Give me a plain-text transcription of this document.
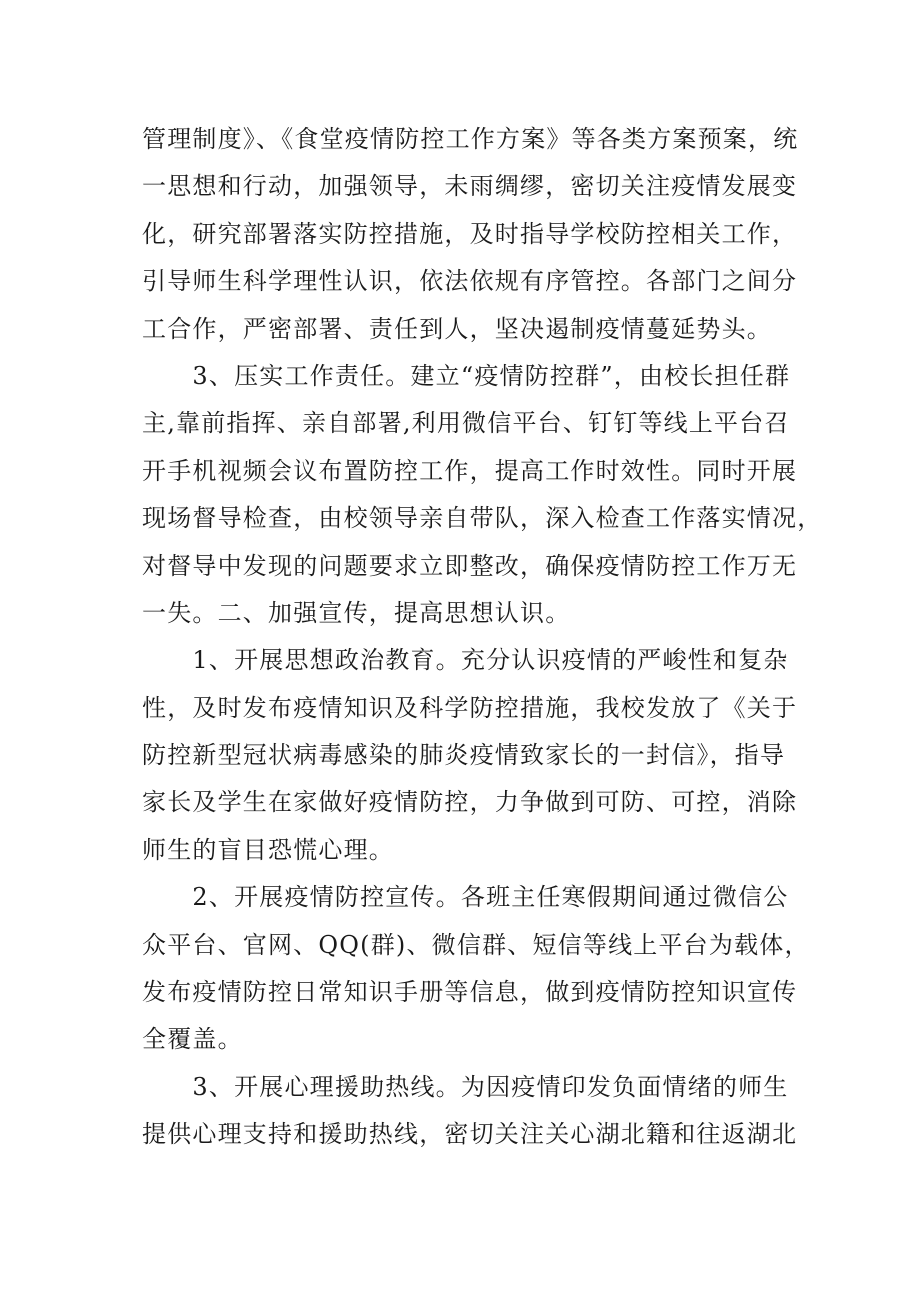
管理制度》、《食堂疫情防控工作方案》等各类方案预案，统
一思想和行动，加强领导，未雨绸缪，密切关注疫情发展变
化，研究部署落实防控措施，及时指导学校防控相关工作，
引导师生科学理性认识，依法依规有序管控。各部门之间分
工合作，严密部署、责任到人，坚决遏制疫情蔓延势头。
　　3、压实工作责任。建立“疫情防控群”，由校长担任群
主,靠前指挥、亲自部署,利用微信平台、钉钉等线上平台召
开手机视频会议布置防控工作，提高工作时效性。同时开展
现场督导检查，由校领导亲自带队，深入检查工作落实情况，
对督导中发现的问题要求立即整改，确保疫情防控工作万无
一失。二、加强宣传，提高思想认识。
　　1、开展思想政治教育。充分认识疫情的严峻性和复杂
性，及时发布疫情知识及科学防控措施，我校发放了《关于
防控新型冠状病毒感染的肺炎疫情致家长的一封信》，指导
家长及学生在家做好疫情防控，力争做到可防、可控，消除
师生的盲目恐慌心理。
　　2、开展疫情防控宣传。各班主任寒假期间通过微信公
众平台、官网、QQ(群)、微信群、短信等线上平台为载体，
发布疫情防控日常知识手册等信息，做到疫情防控知识宣传
全覆盖。
　　3、开展心理援助热线。为因疫情印发负面情绪的师生
提供心理支持和援助热线，密切关注关心湖北籍和往返湖北
